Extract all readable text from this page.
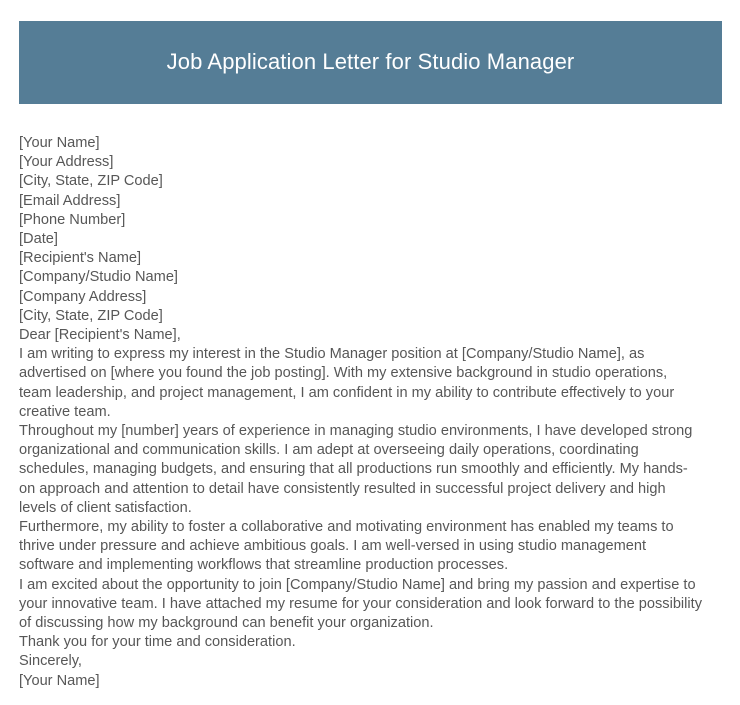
Job Application Letter for Studio Manager
[Your Name]
[Your Address]
[City, State, ZIP Code]
[Email Address]
[Phone Number]
[Date]
[Recipient's Name]
[Company/Studio Name]
[Company Address]
[City, State, ZIP Code]
Dear [Recipient's Name],

I am writing to express my interest in the Studio Manager position at [Company/Studio Name], as advertised on [where you found the job posting]. With my extensive background in studio operations, team leadership, and project management, I am confident in my ability to contribute effectively to your creative team.

Throughout my [number] years of experience in managing studio environments, I have developed strong organizational and communication skills. I am adept at overseeing daily operations, coordinating schedules, managing budgets, and ensuring that all productions run smoothly and efficiently. My hands-on approach and attention to detail have consistently resulted in successful project delivery and high levels of client satisfaction.

Furthermore, my ability to foster a collaborative and motivating environment has enabled my teams to thrive under pressure and achieve ambitious goals. I am well-versed in using studio management software and implementing workflows that streamline production processes.

I am excited about the opportunity to join [Company/Studio Name] and bring my passion and expertise to your innovative team. I have attached my resume for your consideration and look forward to the possibility of discussing how my background can benefit your organization.

Thank you for your time and consideration.
Sincerely,
[Your Name]
